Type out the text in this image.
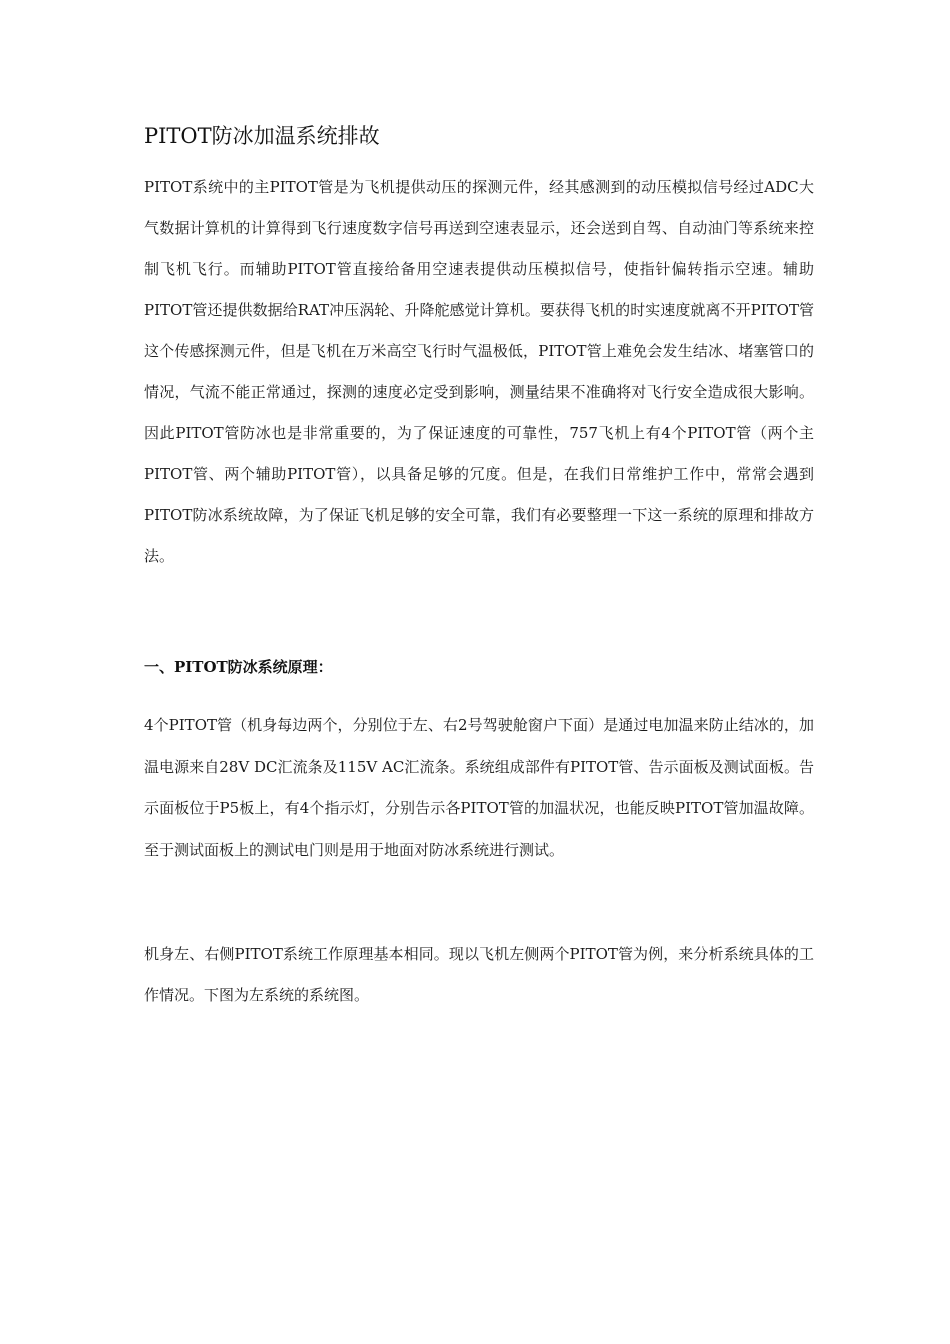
PITOT防冰加温系统排故
PITOT系统中的主PITOT管是为飞机提供动压的探测元件，经其感测到的动压模拟信号经过ADC大气数据计算机的计算得到飞行速度数字信号再送到空速表显示，还会送到自驾、自动油门等系统来控制飞机飞行。而辅助PITOT管直接给备用空速表提供动压模拟信号，使指针偏转指示空速。辅助PITOT管还提供数据给RAT冲压涡轮、升降舵感觉计算机。要获得飞机的时实速度就离不开PITOT管这个传感探测元件，但是飞机在万米高空飞行时气温极低，PITOT管上难免会发生结冰、堵塞管口的情况，气流不能正常通过，探测的速度必定受到影响，测量结果不准确将对飞行安全造成很大影响。因此PITOT管防冰也是非常重要的，为了保证速度的可靠性，757飞机上有4个PITOT管（两个主PITOT管、两个辅助PITOT管），以具备足够的冗度。但是，在我们日常维护工作中，常常会遇到PITOT防冰系统故障，为了保证飞机足够的安全可靠，我们有必要整理一下这一系统的原理和排故方法。
一、PITOT防冰系统原理：
4个PITOT管（机身每边两个，分别位于左、右2号驾驶舱窗户下面）是通过电加温来防止结冰的，加温电源来自28V DC汇流条及115V AC汇流条。系统组成部件有PITOT管、告示面板及测试面板。告示面板位于P5板上，有4个指示灯，分别告示各PITOT管的加温状况，也能反映PITOT管加温故障。至于测试面板上的测试电门则是用于地面对防冰系统进行测试。
机身左、右侧PITOT系统工作原理基本相同。现以飞机左侧两个PITOT管为例，来分析系统具体的工作情况。下图为左系统的系统图。
